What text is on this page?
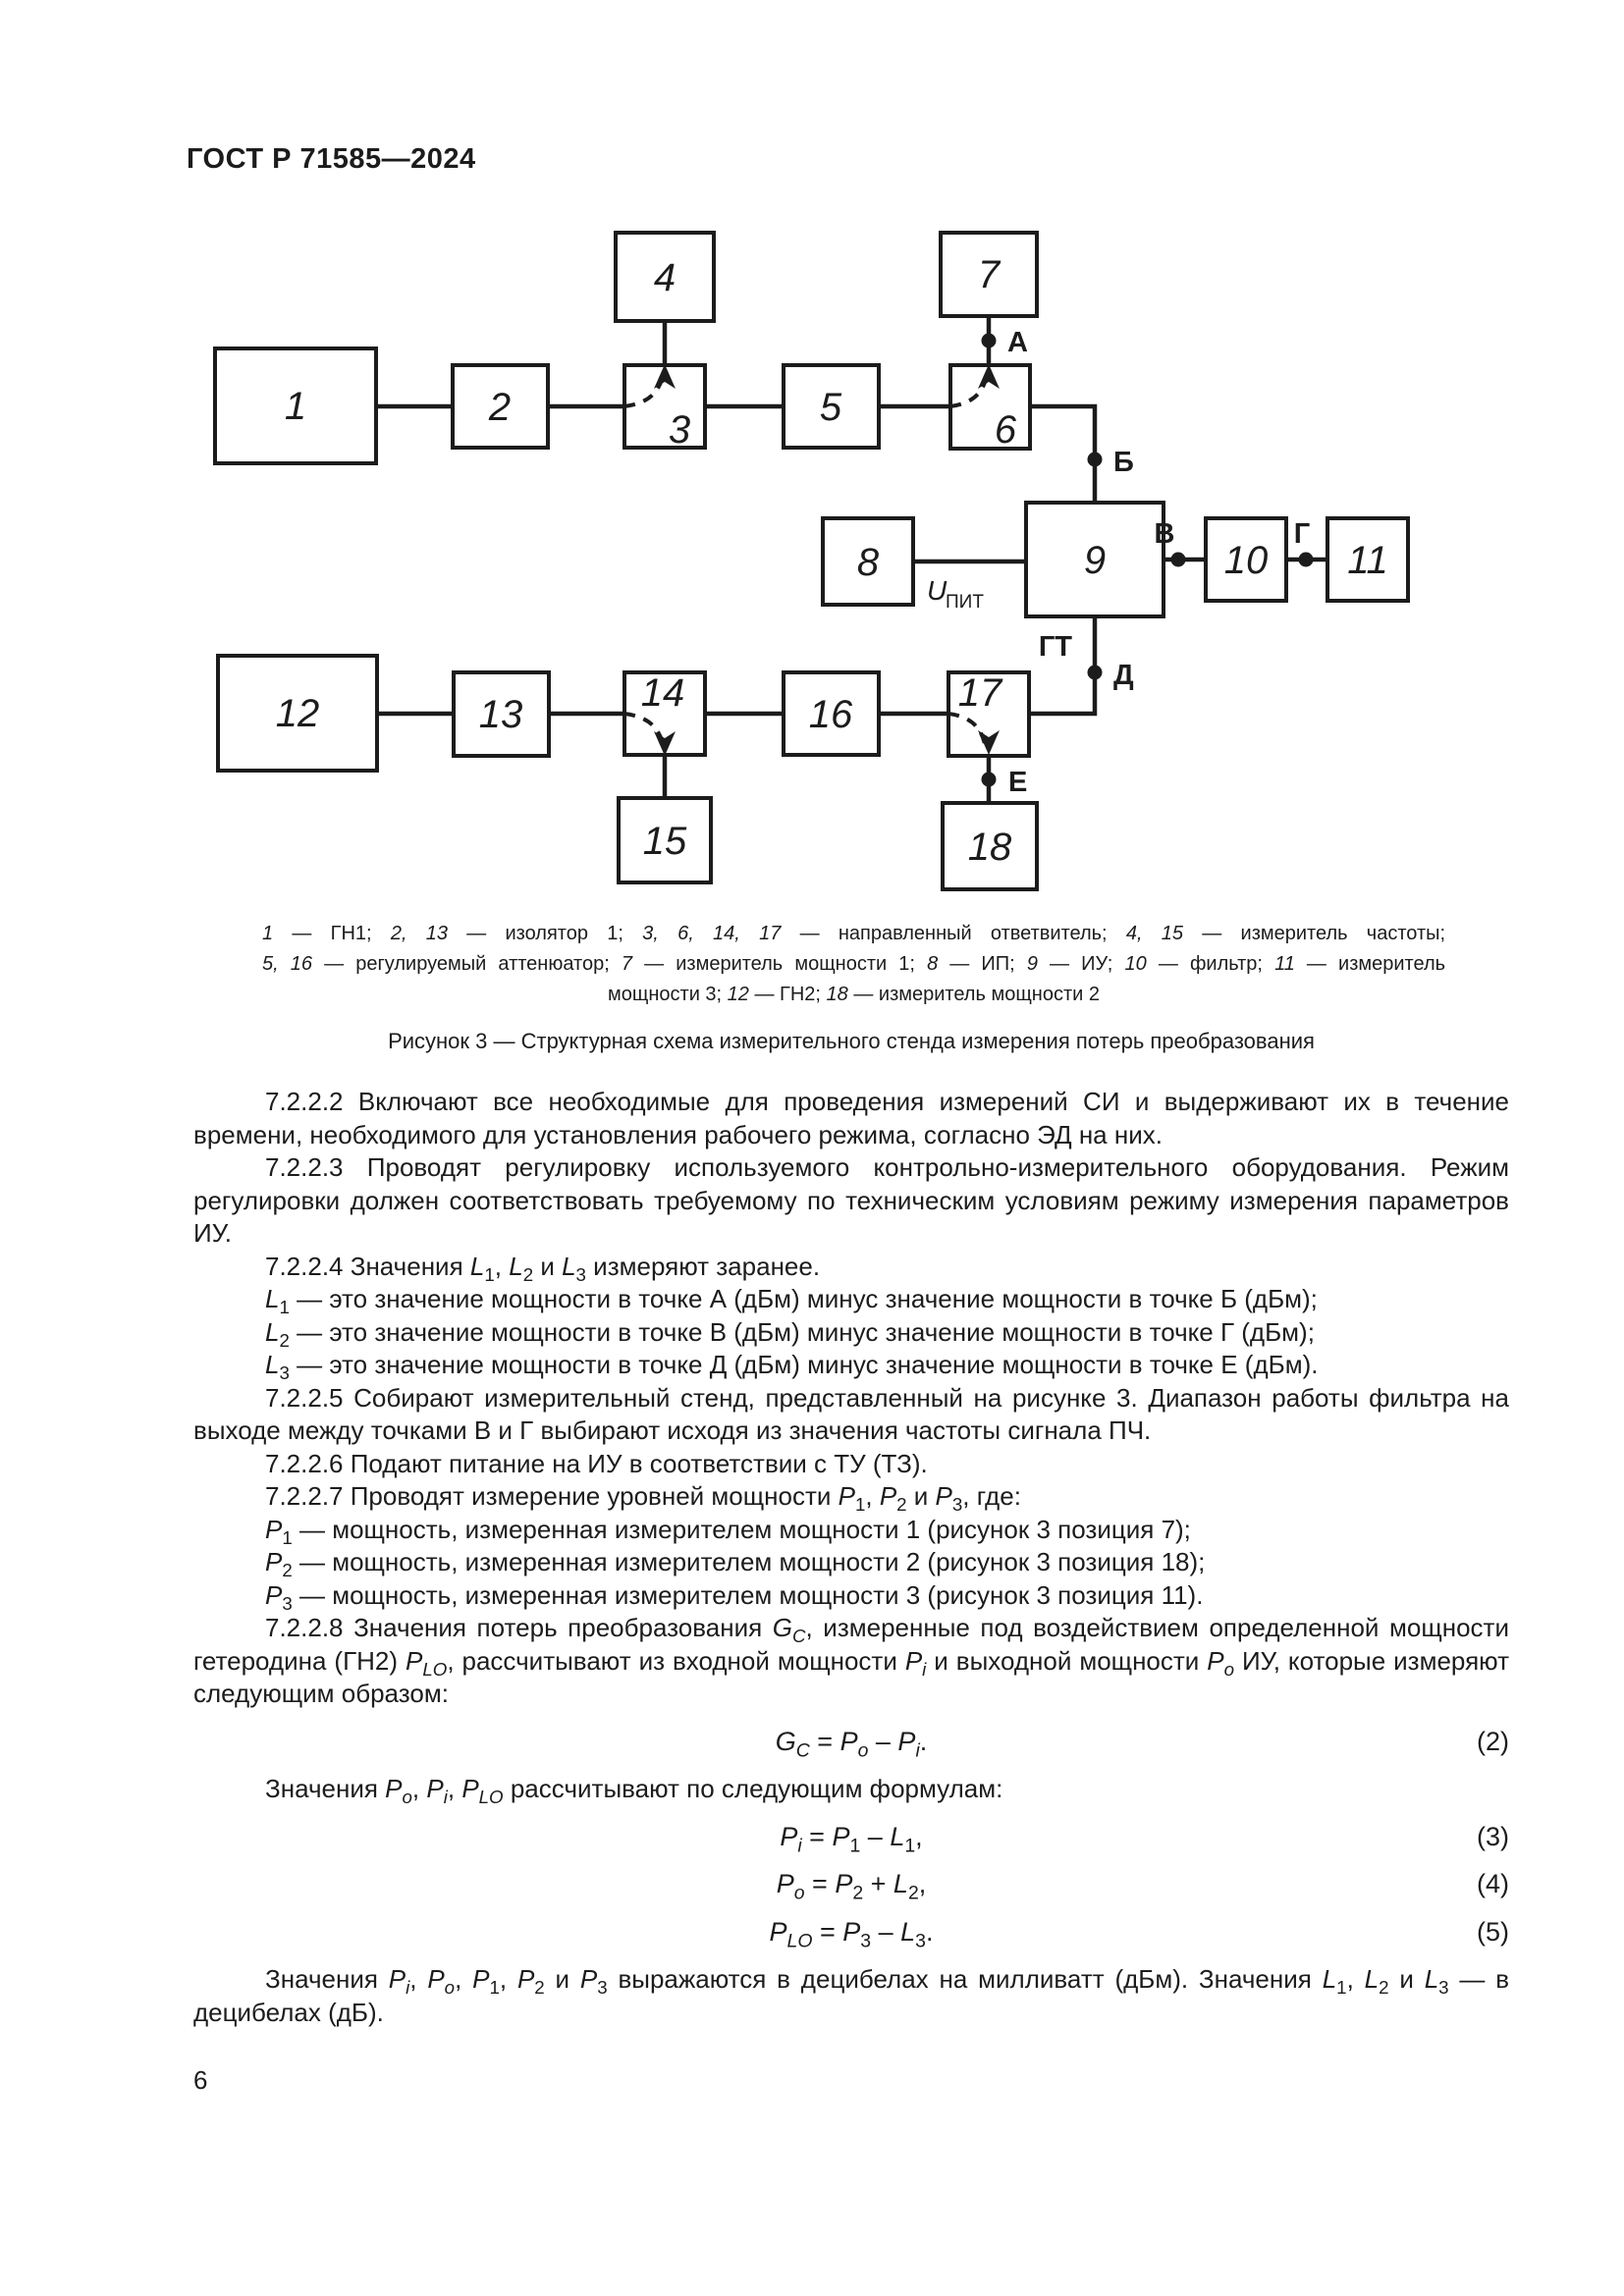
ГОСТ Р 71585—2024
1	2
3
4
5
6
7
8	9	10 11
12	13	14
15
16	17
18
А
Б
В	Г
Д
Е
ГТ
U
ПИТ
1 — ГН1; 2, 13 — изолятор 1; 3, 6, 14, 17 — направленный ответвитель; 4, 15 — измеритель частоты;
5, 16 — регулируемый аттенюатор; 7 — измеритель мощности 1; 8 — ИП; 9 — ИУ; 10 — фильтр; 11 — измеритель
мощности 3; 12 — ГН2; 18 — измеритель мощности 2
Рисунок 3 — Структурная схема измерительного стенда измерения потерь преобразования

7.2.2.2 Включают все необходимые для проведения измерений СИ и выдерживают их в течение времени, необходимого для установления рабочего режима, согласно ЭД на них.

7.2.2.3 Проводят регулировку используемого контрольно-измерительного оборудования. Режим регулировки должен соответствовать требуемому по техническим условиям режиму измерения параметров ИУ.

7.2.2.4 Значения $L_1$, $L_2$ и $L_3$ измеряют заранее.

$L_1$ — это значение мощности в точке А (дБм) минус значение мощности в точке Б (дБм);

$L_2$ — это значение мощности в точке В (дБм) минус значение мощности в точке Г (дБм);

$L_3$ — это значение мощности в точке Д (дБм) минус значение мощности в точке Е (дБм).

7.2.2.5 Собирают измерительный стенд, представленный на рисунке 3. Диапазон работы фильтра на выходе между точками В и Г выбирают исходя из значения частоты сигнала ПЧ.

7.2.2.6 Подают питание на ИУ в соответствии с ТУ (ТЗ).

7.2.2.7 Проводят измерение уровней мощности $P_1$, $P_2$ и $P_3$, где:

$P_1$ — мощность, измеренная измерителем мощности 1 (рисунок 3 позиция 7);

$P_2$ — мощность, измеренная измерителем мощности 2 (рисунок 3 позиция 18);

$P_3$ — мощность, измеренная измерителем мощности 3 (рисунок 3 позиция 11).

7.2.2.8 Значения потерь преобразования $G_C$, измеренные под воздействием определенной мощности гетеродина (ГН2) $P_{LO}$, рассчитывают из входной мощности $P_i$ и выходной мощности $P_o$ ИУ, которые измеряют следующим образом:

$G_C = P_o - P_i$.	(2)

Значения $P_o$, $P_i$, $P_{LO}$ рассчитывают по следующим формулам:

$P_i = P_1 - L_1$,	(3)
$P_o = P_2 + L_2$,	(4)
$P_{LO} = P_3 - L_3$.	(5)

Значения $P_i$, $P_o$, $P_1$, $P_2$ и $P_3$ выражаются в децибелах на милливатт (дБм). Значения $L_1$, $L_2$ и $L_3$ — в децибелах (дБ).

6
